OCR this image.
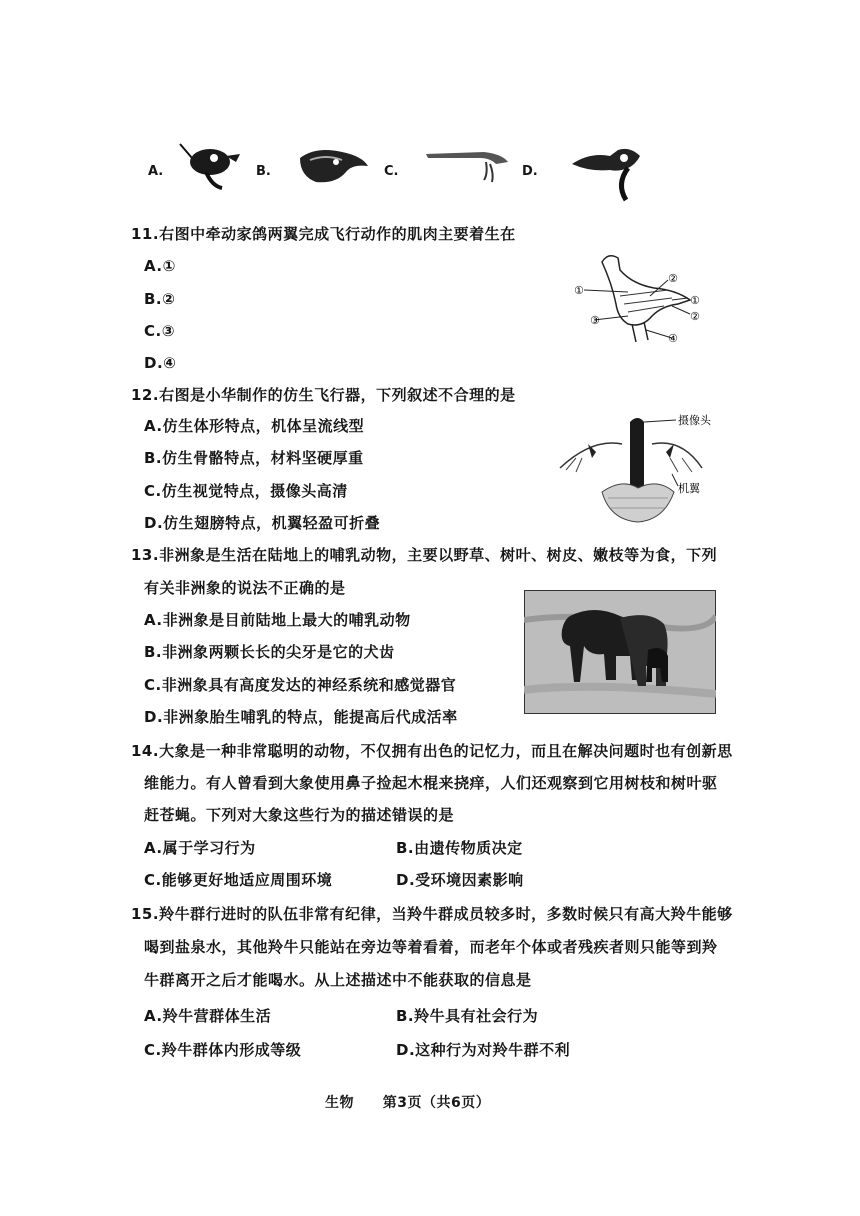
A.	B.	C.	D.
11.右图中牵动家鸽两翼完成飞行动作的肌肉主要着生在
A.①
B.②
C.③
D.④
①
③
④
①
②
②
12.右图是小华制作的仿生飞行器，下列叙述不合理的是
A.仿生体形特点，机体呈流线型
B.仿生骨骼特点，材料坚硬厚重
C.仿生视觉特点，摄像头高清
D.仿生翅膀特点，机翼轻盈可折叠
摄像头
机翼
13.非洲象是生活在陆地上的哺乳动物，主要以野草、树叶、树皮、嫩枝等为食，下列
有关非洲象的说法不正确的是
A.非洲象是目前陆地上最大的哺乳动物
B.非洲象两颗长长的尖牙是它的犬齿
C.非洲象具有高度发达的神经系统和感觉器官
D.非洲象胎生哺乳的特点，能提高后代成活率
14.大象是一种非常聪明的动物，不仅拥有出色的记忆力，而且在解决问题时也有创新思
维能力。有人曾看到大象使用鼻子捡起木棍来挠痒，人们还观察到它用树枝和树叶驱
赶苍蝇。下列对大象这些行为的描述错误的是
A.属于学习行为	B.由遗传物质决定
C.能够更好地适应周围环境	D.受环境因素影响
15.羚牛群行进时的队伍非常有纪律，当羚牛群成员较多时，多数时候只有高大羚牛能够
喝到盐泉水，其他羚牛只能站在旁边等着看着，而老年个体或者残疾者则只能等到羚
牛群离开之后才能喝水。从上述描述中不能获取的信息是
A.羚牛营群体生活	B.羚牛具有社会行为
C.羚牛群体内形成等级	D.这种行为对羚牛群不利
生物 第3页（共6页）
